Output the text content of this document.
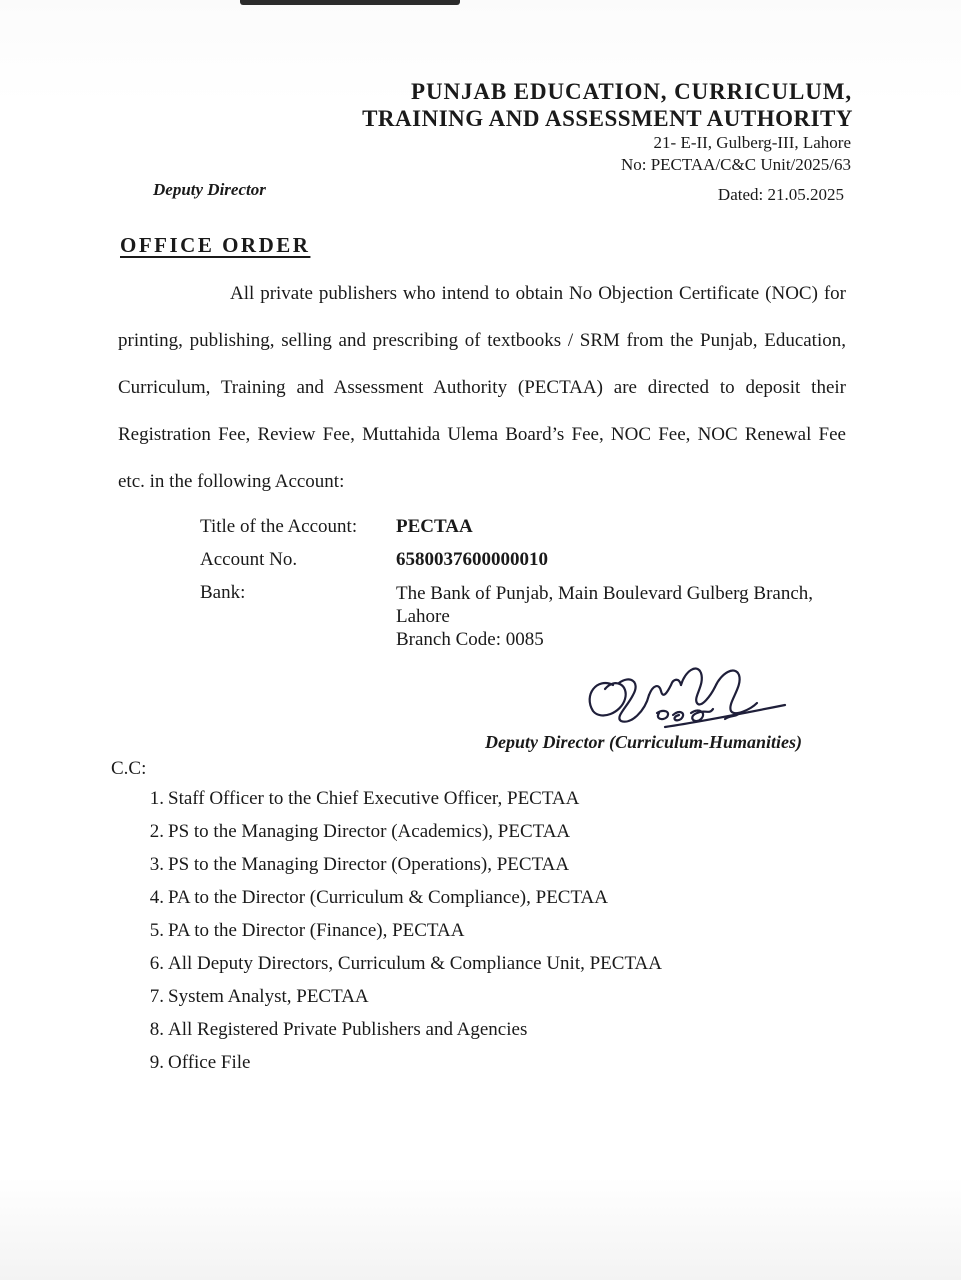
PUNJAB EDUCATION, CURRICULUM,
TRAINING AND ASSESSMENT AUTHORITY
21- E-II, Gulberg-III, Lahore
No: PECTAA/C&C Unit/2025/63
Deputy Director	Dated: 21.05.2025
OFFICE ORDER

All private publishers who intend to obtain No Objection Certificate (NOC) for printing, publishing, selling and prescribing of textbooks / SRM from the Punjab, Education, Curriculum, Training and Assessment Authority (PECTAA) are directed to deposit their Registration Fee, Review Fee, Muttahida Ulema Board’s Fee, NOC Fee, NOC Renewal Fee etc. in the following Account:

Title of the Account: PECTAA
Account No.	6580037600000010
Bank:	The Bank of Punjab, Main Boulevard Gulberg Branch,
Lahore
Branch Code: 0085
Deputy Director (Curriculum-Humanities)
C.C:
1. Staff Officer to the Chief Executive Officer, PECTAA
2. PS to the Managing Director (Academics), PECTAA
3. PS to the Managing Director (Operations), PECTAA
4. PA to the Director (Curriculum & Compliance), PECTAA
5. PA to the Director (Finance), PECTAA
6. All Deputy Directors, Curriculum & Compliance Unit, PECTAA
7. System Analyst, PECTAA
8. All Registered Private Publishers and Agencies
9. Office File
